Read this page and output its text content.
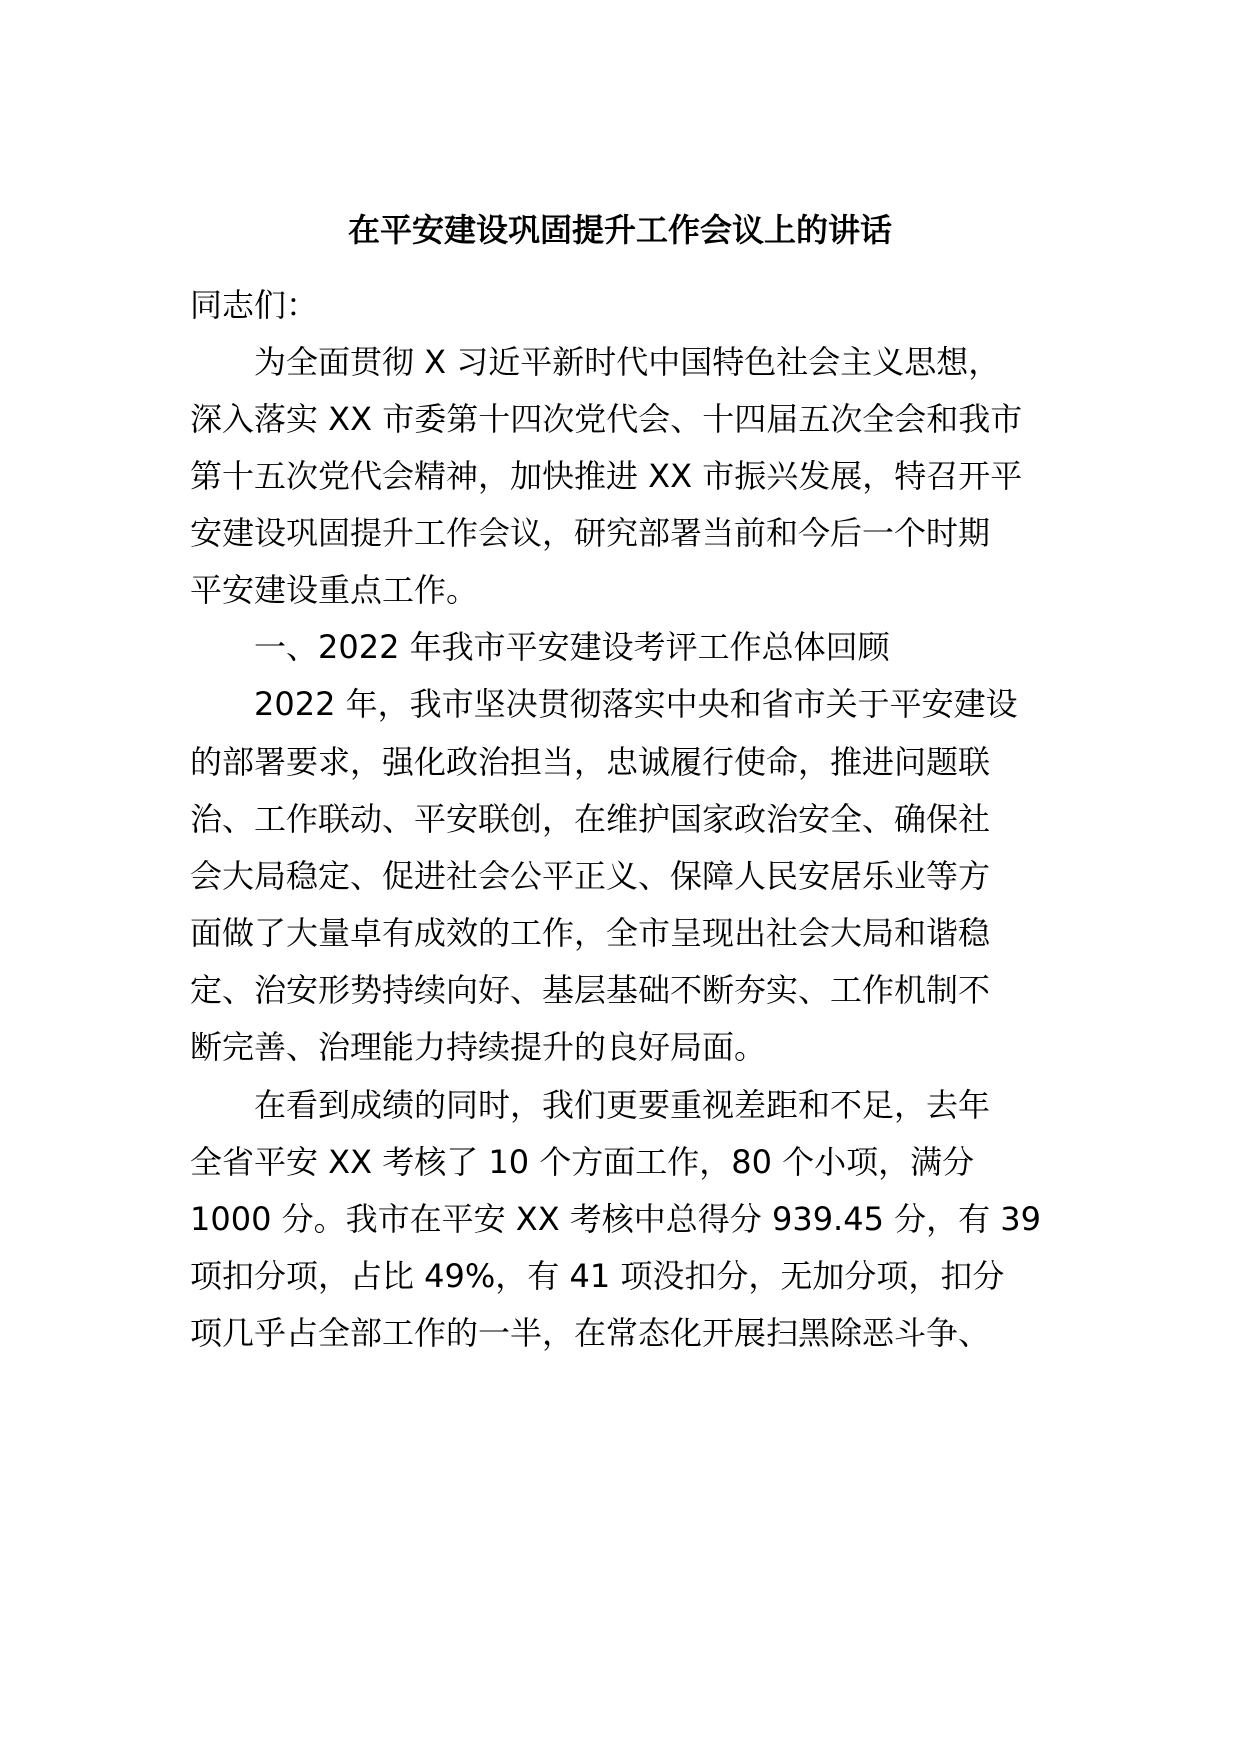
在平安建设巩固提升工作会议上的讲话
同志们：
　　为全面贯彻 X 习近平新时代中国特色社会主义思想，
深入落实 XX 市委第十四次党代会、十四届五次全会和我市
第十五次党代会精神，加快推进 XX 市振兴发展，特召开平
安建设巩固提升工作会议，研究部署当前和今后一个时期
平安建设重点工作。
　　一、2022 年我市平安建设考评工作总体回顾
　　2022 年，我市坚决贯彻落实中央和省市关于平安建设
的部署要求，强化政治担当，忠诚履行使命，推进问题联
治、工作联动、平安联创，在维护国家政治安全、确保社
会大局稳定、促进社会公平正义、保障人民安居乐业等方
面做了大量卓有成效的工作，全市呈现出社会大局和谐稳
定、治安形势持续向好、基层基础不断夯实、工作机制不
断完善、治理能力持续提升的良好局面。
　　在看到成绩的同时，我们更要重视差距和不足，去年
全省平安 XX 考核了 10 个方面工作，80 个小项，满分
1000 分。我市在平安 XX 考核中总得分 939.45 分，有 39
项扣分项，占比 49%，有 41 项没扣分，无加分项，扣分
项几乎占全部工作的一半，在常态化开展扫黑除恶斗争、
